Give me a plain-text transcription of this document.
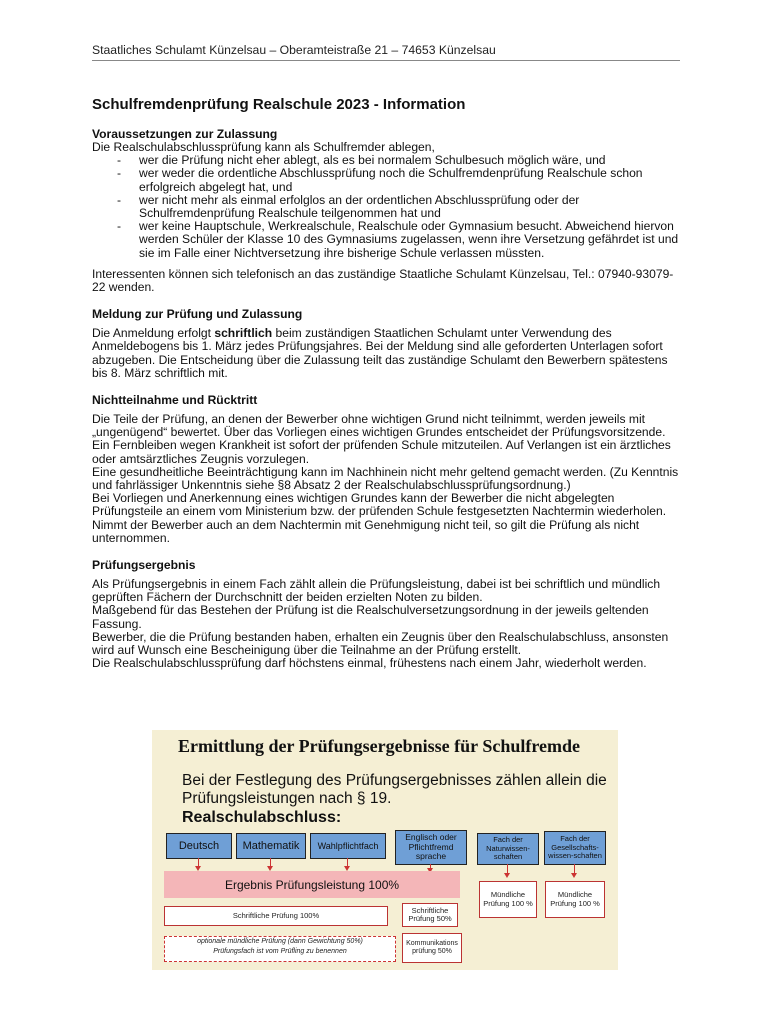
Staatliches Schulamt Künzelsau – Oberamteistraße 21 – 74653 Künzelsau
Schulfremdenprüfung Realschule 2023 - Information
Voraussetzungen zur Zulassung

Die Realschulabschlussprüfung kann als Schulfremder ablegen,

- wer die Prüfung nicht eher ablegt, als es bei normalem Schulbesuch möglich wäre, und
- wer weder die ordentliche Abschlussprüfung noch die Schulfremdenprüfung Realschule schon erfolgreich abgelegt hat, und
- wer nicht mehr als einmal erfolglos an der ordentlichen Abschlussprüfung oder der Schulfremdenprüfung Realschule teilgenommen hat und
- wer keine Hauptschule, Werkrealschule, Realschule oder Gymnasium besucht. Abweichend hiervon werden Schüler der Klasse 10 des Gymnasiums zugelassen, wenn ihre Versetzung gefährdet ist und sie im Falle einer Nichtversetzung ihre bisherige Schule verlassen müssten.

Interessenten können sich telefonisch an das zuständige Staatliche Schulamt Künzelsau, Tel.: 07940-93079-22 wenden.

Meldung zur Prüfung und Zulassung

Die Anmeldung erfolgt schriftlich beim zuständigen Staatlichen Schulamt unter Verwendung des Anmeldebogens bis 1. März jedes Prüfungsjahres. Bei der Meldung sind alle geforderten Unterlagen sofort abzugeben. Die Entscheidung über die Zulassung teilt das zuständige Schulamt den Bewerbern spätestens bis 8. März schriftlich mit.

Nichtteilnahme und Rücktritt

Die Teile der Prüfung, an denen der Bewerber ohne wichtigen Grund nicht teilnimmt, werden jeweils mit „ungenügend“ bewertet. Über das Vorliegen eines wichtigen Grundes entscheidet der Prüfungsvorsitzende. Ein Fernbleiben wegen Krankheit ist sofort der prüfenden Schule mitzuteilen. Auf Verlangen ist ein ärztliches oder amtsärztliches Zeugnis vorzulegen.

Eine gesundheitliche Beeinträchtigung kann im Nachhinein nicht mehr geltend gemacht werden. (Zu Kenntnis und fahrlässiger Unkenntnis siehe §8 Absatz 2 der Realschulabschlussprüfungsordnung.)

Bei Vorliegen und Anerkennung eines wichtigen Grundes kann der Bewerber die nicht abgelegten Prüfungsteile an einem vom Ministerium bzw. der prüfenden Schule festgesetzten Nachtermin wiederholen. Nimmt der Bewerber auch an dem Nachtermin mit Genehmigung nicht teil, so gilt die Prüfung als nicht unternommen.

Prüfungsergebnis

Als Prüfungsergebnis in einem Fach zählt allein die Prüfungsleistung, dabei ist bei schriftlich und mündlich geprüften Fächern der Durchschnitt der beiden erzielten Noten zu bilden.

Maßgebend für das Bestehen der Prüfung ist die Realschulversetzungsordnung in der jeweils geltenden Fassung.

Bewerber, die die Prüfung bestanden haben, erhalten ein Zeugnis über den Realschulabschluss, ansonsten wird auf Wunsch eine Bescheinigung über die Teilnahme an der Prüfung erstellt.

Die Realschulabschlussprüfung darf höchstens einmal, frühestens nach einem Jahr, wiederholt werden.

Ermittlung der Prüfungsergebnisse für Schulfremde
Bei der Festlegung des Prüfungsergebnisses zählen allein die Prüfungsleistungen nach § 19.
Realschulabschluss:
Deutsch	Mathematik	Wahlpflichtfach
Englisch oder Pflichtfremd sprache
Fach der Naturwissen-schaften
Fach der Gesellschafts-wissen-schaften
Ergebnis Prüfungsleistung 100%
Mündliche Prüfung 100 %
Mündliche Prüfung 100 %
Schriftliche Prüfung 100%
Schriftliche Prüfung 50%
Kommunikations prüfung 50%
optionale mündliche Prüfung (dann Gewichtung 50%)
Prüfungsfach ist vom Prüfling zu benennen
